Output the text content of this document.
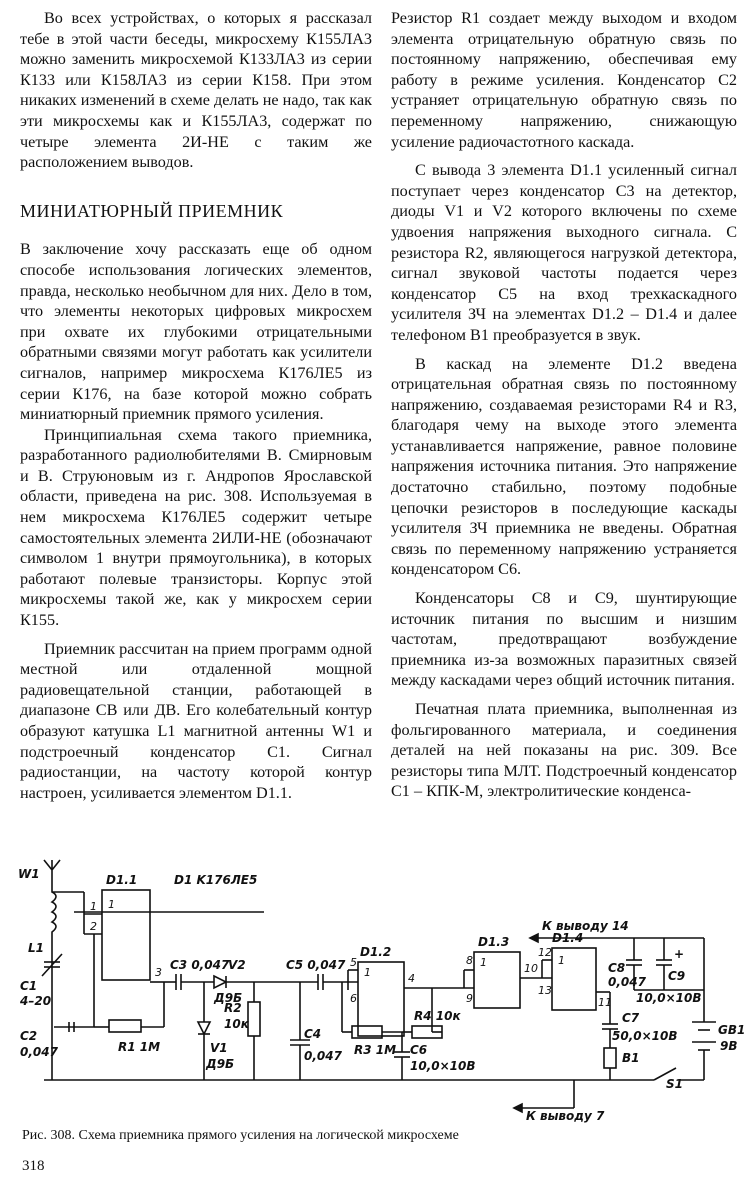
Во всех устройствах, о которых я рассказал тебе в этой части беседы, микросхему К155ЛА3 можно заменить микросхемой К133ЛА3 из серии К133 или К158ЛА3 из серии К158. При этом никаких изменений в схеме делать не надо, так как эти микросхемы как и К155ЛА3, содержат по четыре элемента 2И-НЕ с таким же расположением выводов.

МИНИАТЮРНЫЙ ПРИЕМНИК

В заключение хочу рассказать еще об одном способе использования логических элементов, правда, несколько необычном для них. Дело в том, что элементы некоторых цифровых микросхем при охвате их глубокими отрицательными обратными связями могут работать как усилители сигналов, например микросхема К176ЛЕ5 из серии К176, на базе которой можно собрать миниатюрный приемник прямого усиления.

Принципиальная схема такого приемника, разработанного радиолюбителями В. Смирновым и В. Струюновым из г. Андропов Ярославской области, приведена на рис. 308. Используемая в нем микросхема К176ЛЕ5 содержит четыре самостоятельных элемента 2ИЛИ-НЕ (обозначают символом 1 внутри прямоугольника), в которых работают полевые транзисторы. Корпус этой микросхемы такой же, как у микросхем серии К155.

Приемник рассчитан на прием программ одной местной или отдаленной мощной радиовещательной станции, работающей в диапазоне СВ или ДВ. Его колебательный контур образуют катушка L1 магнитной антенны W1 и подстроечный конденсатор С1. Сигнал радиостанции, на частоту которой контур настроен, усиливается элементом D1.1.

Резистор R1 создает между выходом и входом элемента отрицательную обратную связь по постоянному напряжению, обеспечивая ему работу в режиме усиления. Конденсатор С2 устраняет отрицательную обратную связь по переменному напряжению, снижающую усиление радиочастотного каскада.

С вывода 3 элемента D1.1 усиленный сигнал поступает через конденсатор С3 на детектор, диоды V1 и V2 которого включены по схеме удвоения напряжения выходного сигнала. С резистора R2, являющегося нагрузкой детектора, сигнал звуковой частоты подается через конденсатор С5 на вход трехкаскадного усилителя ЗЧ на элементах D1.2 – D1.4 и далее телефоном В1 преобразуется в звук.

В каскад на элементе D1.2 введена отрицательная обратная связь по постоянному напряжению, создаваемая резисторами R4 и R3, благодаря чему на выходе этого элемента устанавливается напряжение, равное половине напряжения источника питания. Это напряжение достаточно стабильно, поэтому подобные цепочки резисторов в последующие каскады усилителя ЗЧ приемника не введены. Обратная связь по переменному напряжению устраняется конденсатором С6.

Конденсаторы С8 и С9, шунтирующие источник питания по высшим и низшим частотам, предотвращают возбуждение приемника из-за возможных паразитных связей между каскадами через общий источник питания.

Печатная плата приемника, выполненная из фольгированного материала, и соединения деталей на ней показаны на рис. 309. Все резисторы типа МЛТ. Подстроечный конденсатор С1 – КПК-М, электролитические конденса-

W1
L1
C1
4–20
C2
0,047
D1.1	D1 K176ЛЕ5
1
1
2
3
C3 0,047
V2
Д9Б
R1 1М	V1
Д9Б
R2
10к
C4
0,047
C5 0,047
D1.2
1
5
6
4
R3 1М
R4 10к
C6
10,0×10В
D1.3
1
8
9
10
D1.4
1
12
13
11
C7
50,0×10В
B1
C8
0,047 C9
10,0×10В
+
GB1
9В
S1
К выводу 14
К выводу 7
Рис. 308. Схема приемника прямого усиления на логической микросхеме
318
